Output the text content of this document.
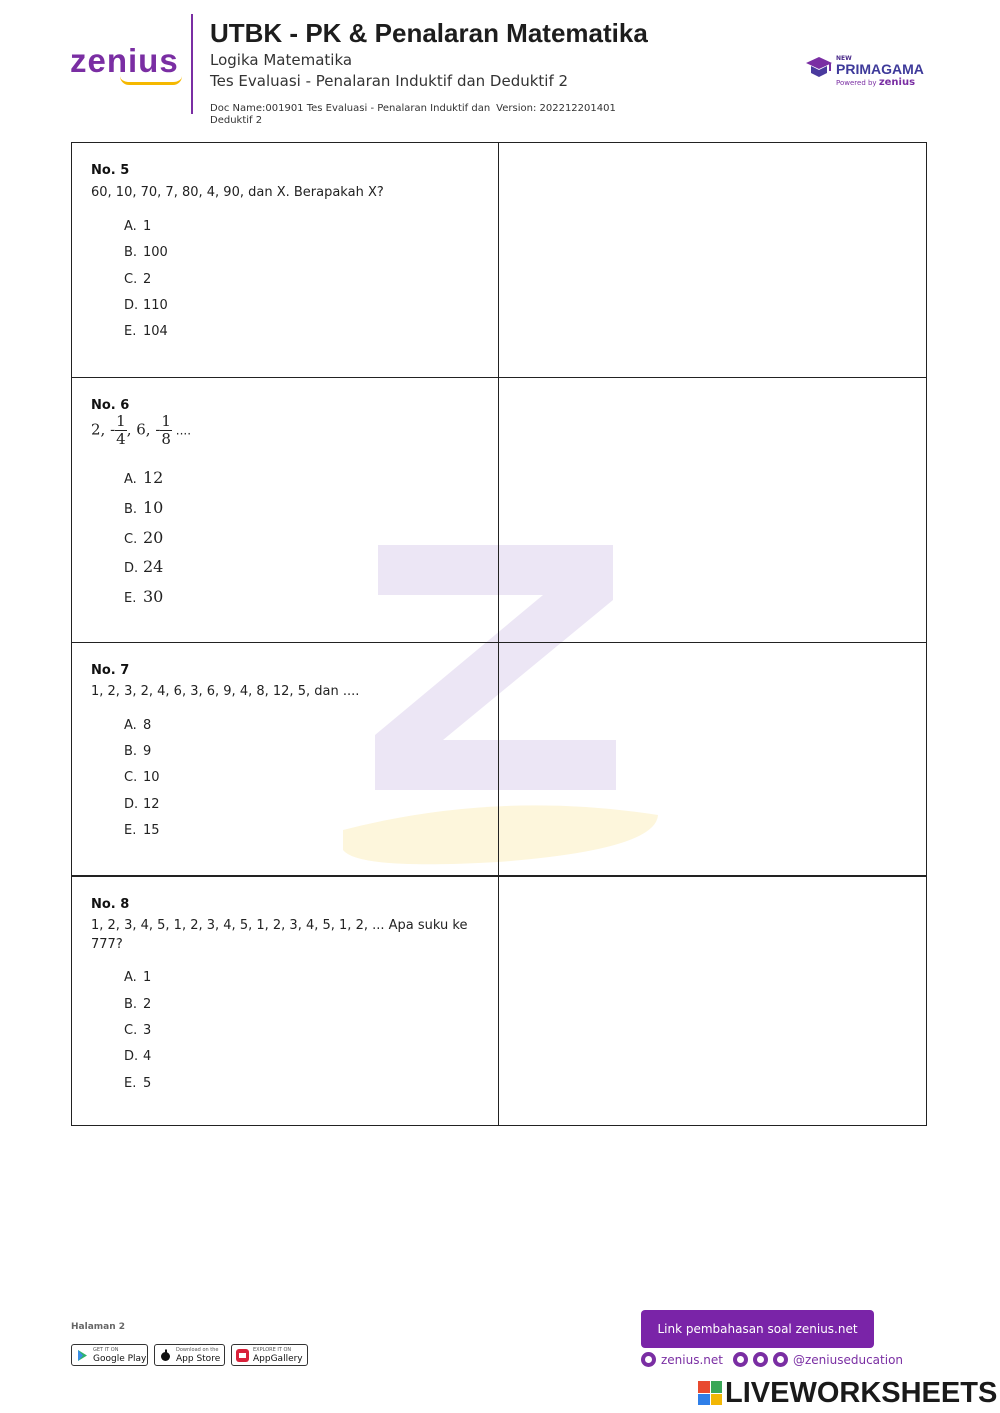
zenius
UTBK - PK & Penalaran Matematika
Logika Matematika
Tes Evaluasi - Penalaran Induktif dan Deduktif 2
Doc Name:001901 Tes Evaluasi - Penalaran Induktif dan Version: 202212201401
Deduktif 2
NEW
PRIMAGAMA
Powered by zenius
No. 5
60, 10, 70, 7, 80, 4, 90, dan X. Berapakah X?
A. 1
B. 100
C. 2
D. 110
E. 104
No. 6
2, - $\frac{1}{4}$ , 6, - $\frac{1}{8}$ ....
A. 12
B. 10
C. 20
D. 24
E. 30
No. 7
1, 2, 3, 2, 4, 6, 3, 6, 9, 4, 8, 12, 5, dan ....
A. 8
B. 9
C. 10
D. 12
E. 15
No. 8
1, 2, 3, 4, 5, 1, 2, 3, 4, 5, 1, 2, 3, 4, 5, 1, 2, ... Apa suku ke 777?
A. 1
B. 2
C. 3
D. 4
E. 5
Halaman 2
GET IT ON
Google Play
Download on the
App Store
EXPLORE IT ON
AppGallery
Link pembahasan soal zenius.net
zenius.net	@zeniuseducation
LIVEWORKSHEETS
